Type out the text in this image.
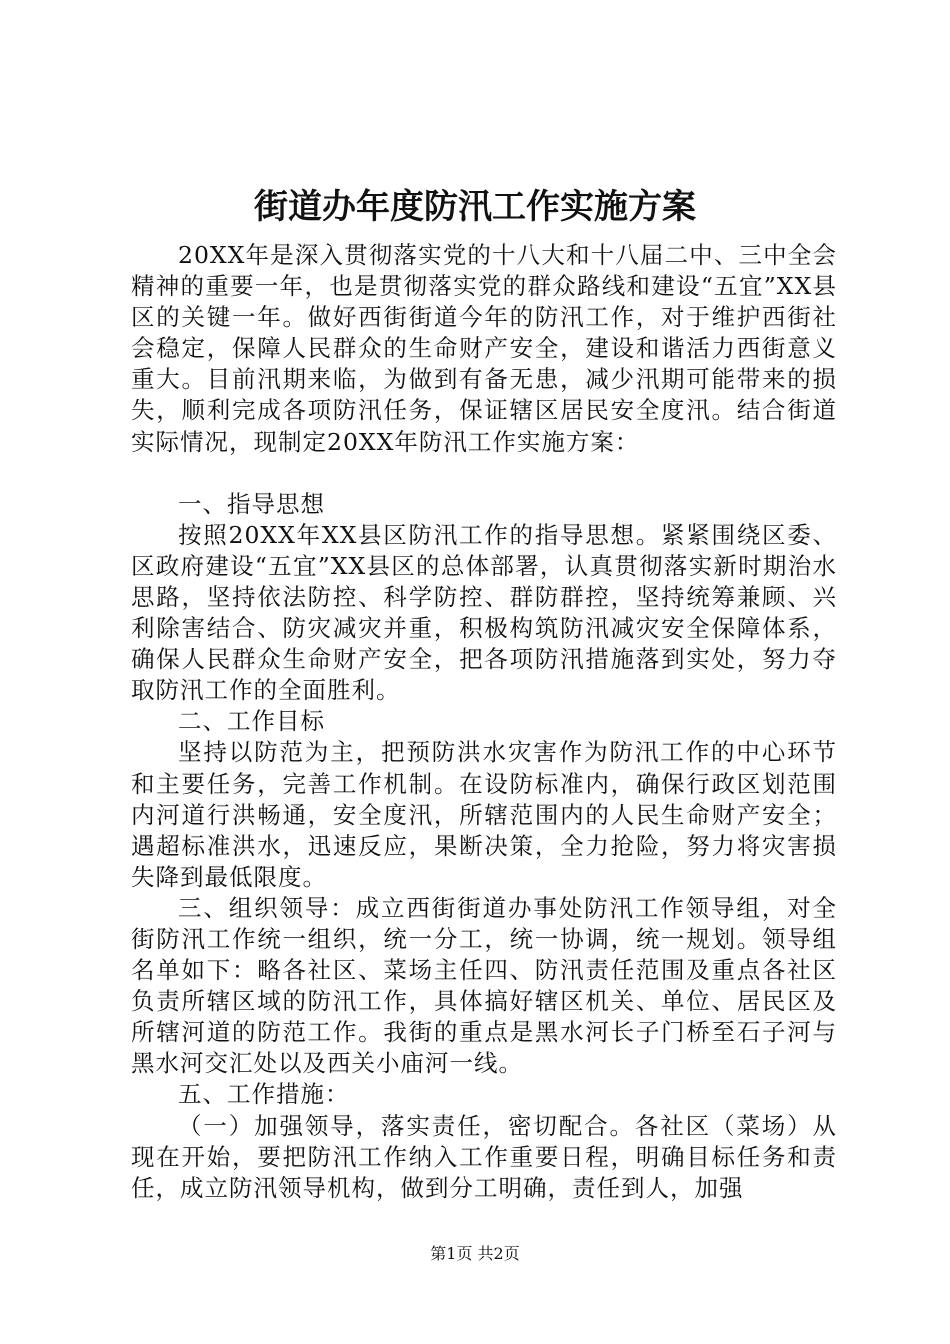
街道办年度防汛工作实施方案

20XX年是深入贯彻落实党的十八大和十八届二中、三中全会精神的重要一年，也是贯彻落实党的群众路线和建设“五宜”XX县区的关键一年。做好西街街道今年的防汛工作，对于维护西街社会稳定，保障人民群众的生命财产安全，建设和谐活力西街意义重大。目前汛期来临，为做到有备无患，减少汛期可能带来的损失，顺利完成各项防汛任务，保证辖区居民安全度汛。结合街道实际情况，现制定20XX年防汛工作实施方案：

一、指导思想

按照20XX年XX县区防汛工作的指导思想。紧紧围绕区委、区政府建设“五宜”XX县区的总体部署，认真贯彻落实新时期治水思路，坚持依法防控、科学防控、群防群控，坚持统筹兼顾、兴利除害结合、防灾减灾并重，积极构筑防汛减灾安全保障体系，确保人民群众生命财产安全，把各项防汛措施落到实处，努力夺取防汛工作的全面胜利。

二、工作目标

坚持以防范为主，把预防洪水灾害作为防汛工作的中心环节和主要任务，完善工作机制。在设防标准内，确保行政区划范围内河道行洪畅通，安全度汛，所辖范围内的人民生命财产安全；遇超标准洪水，迅速反应，果断决策，全力抢险，努力将灾害损失降到最低限度。

三、组织领导：成立西街街道办事处防汛工作领导组，对全街防汛工作统一组织，统一分工，统一协调，统一规划。领导组名单如下：略各社区、菜场主任四、防汛责任范围及重点各社区负责所辖区域的防汛工作，具体搞好辖区机关、单位、居民区及所辖河道的防范工作。我街的重点是黑水河长子门桥至石子河与黑水河交汇处以及西关小庙河一线。

五、工作措施：

（一）加强领导，落实责任，密切配合。各社区（菜场）从现在开始，要把防汛工作纳入工作重要日程，明确目标任务和责任，成立防汛领导机构，做到分工明确，责任到人，加强

第1页 共2页
